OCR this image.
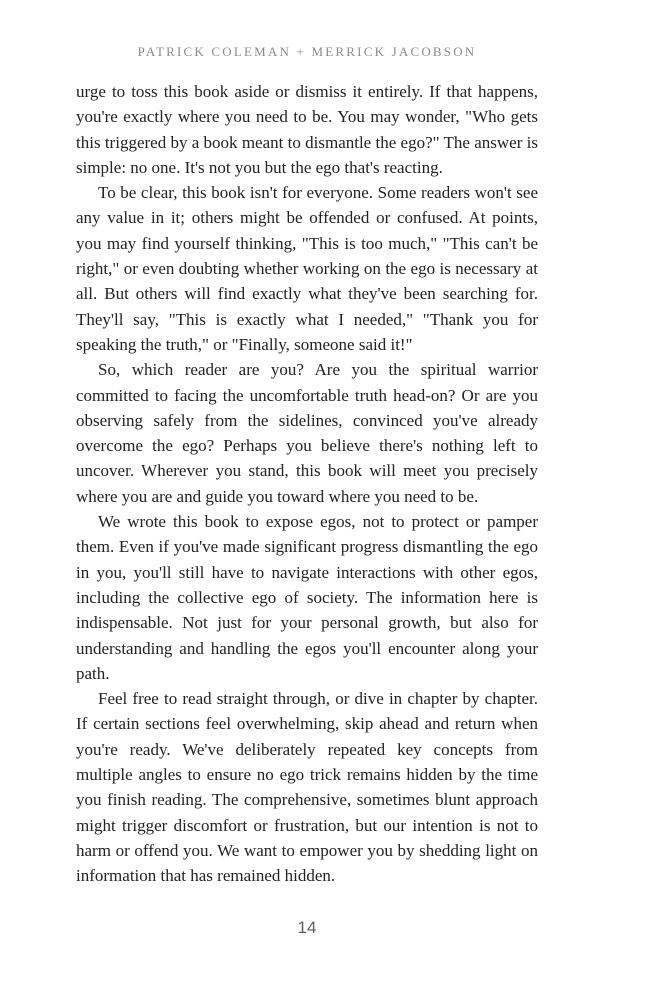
PATRICK COLEMAN + MERRICK JACOBSON

urge to toss this book aside or dismiss it entirely. If that happens, you're exactly where you need to be. You may wonder, "Who gets this triggered by a book meant to dismantle the ego?" The answer is simple: no one. It's not you but the ego that's reacting.

To be clear, this book isn't for everyone. Some readers won't see any value in it; others might be offended or confused. At points, you may find yourself thinking, "This is too much," "This can't be right," or even doubting whether working on the ego is necessary at all. But others will find exactly what they've been searching for. They'll say, "This is exactly what I needed," "Thank you for speaking the truth," or "Finally, someone said it!"

So, which reader are you? Are you the spiritual warrior committed to facing the uncomfortable truth head-on? Or are you observing safely from the sidelines, convinced you've already overcome the ego? Perhaps you believe there's nothing left to uncover. Wherever you stand, this book will meet you precisely where you are and guide you toward where you need to be.

We wrote this book to expose egos, not to protect or pamper them. Even if you've made significant progress dismantling the ego in you, you'll still have to navigate interactions with other egos, including the collective ego of society. The information here is indispensable. Not just for your personal growth, but also for understanding and handling the egos you'll encounter along your path.

Feel free to read straight through, or dive in chapter by chapter. If certain sections feel overwhelming, skip ahead and return when you're ready. We've deliberately repeated key concepts from multiple angles to ensure no ego trick remains hidden by the time you finish reading. The comprehensive, sometimes blunt approach might trigger discomfort or frustration, but our intention is not to harm or offend you. We want to empower you by shedding light on information that has remained hidden.

14
